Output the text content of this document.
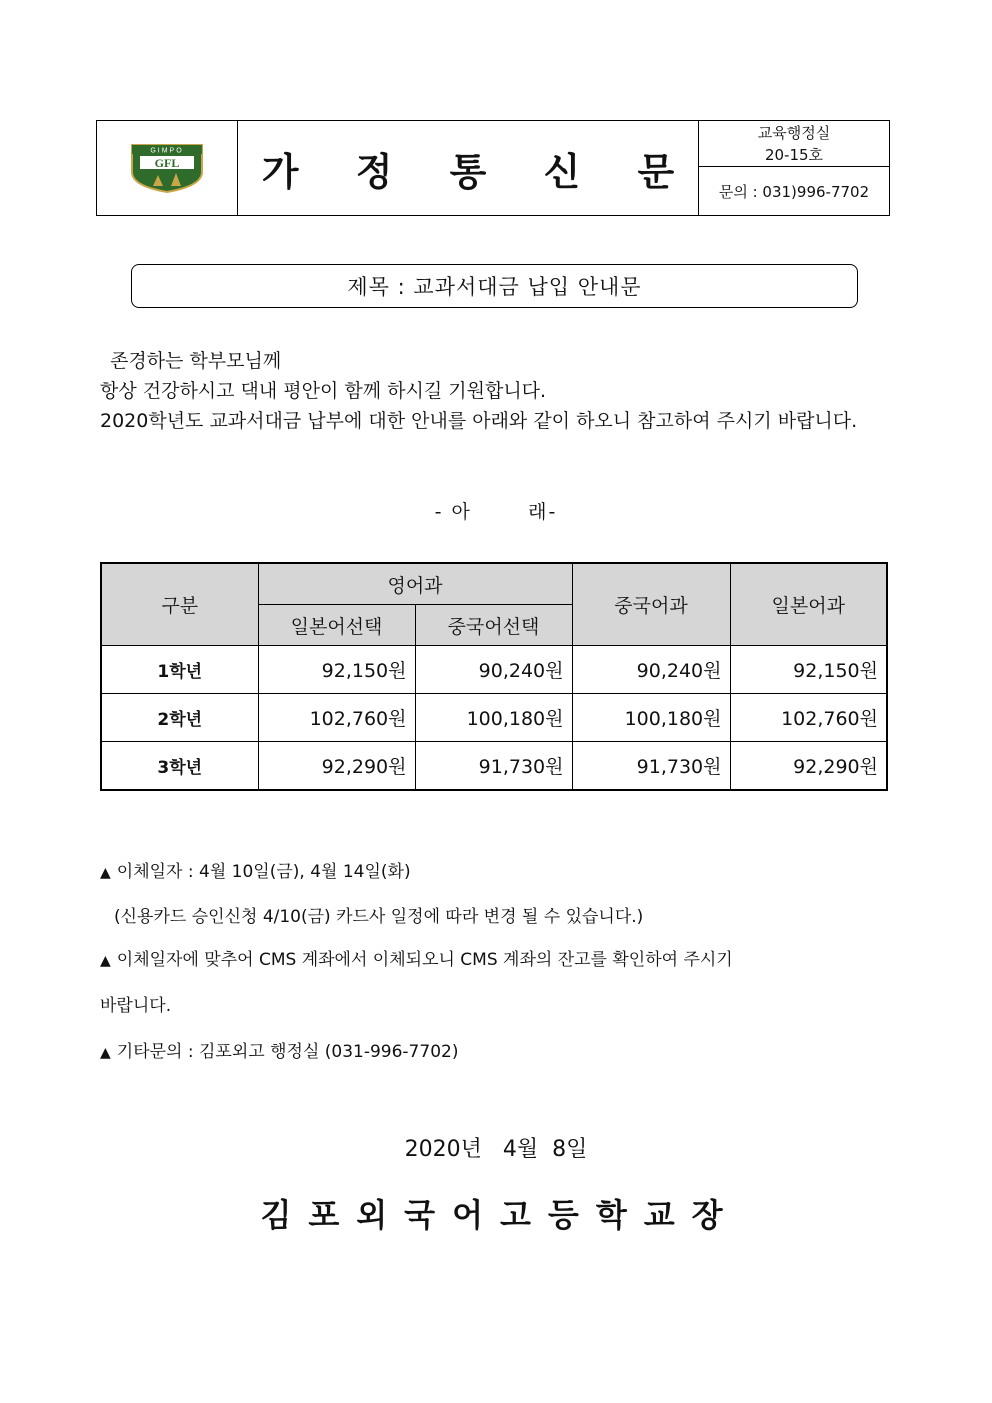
GIMPO
GFL	가 정 통 신 문
교육행정실
20-15호
문의 : 031)996-7702
제목 : 교과서대금 납입 안내문

존경하는 학부모님께

항상 건강하시고 댁내 평안이 함께 하시길 기원합니다.

2020학년도 교과서대금 납부에 대한 안내를 아래와 같이 하오니 참고하여 주시기 바랍니다.

- 아       래-
구분	영어과		중국어과	일본어과
	일본어선택	중국어선택		
1학년	92,150원	90,240원	90,240원	92,150원
2학년	102,760원	100,180원	100,180원	102,760원
3학년	92,290원	91,730원	91,730원	92,290원
▲ 이체일자 : 4월 10일(금), 4월 14일(화)
(신용카드 승인신청 4/10(금) 카드사 일정에 따라 변경 될 수 있습니다.)
▲ 이체일자에 맞추어 CMS 계좌에서 이체되오니 CMS 계좌의 잔고를 확인하여 주시기
바랍니다.
▲ 기타문의 : 김포외고 행정실 (031-996-7702)
2020년   4월  8일
김포외국어고등학교장
